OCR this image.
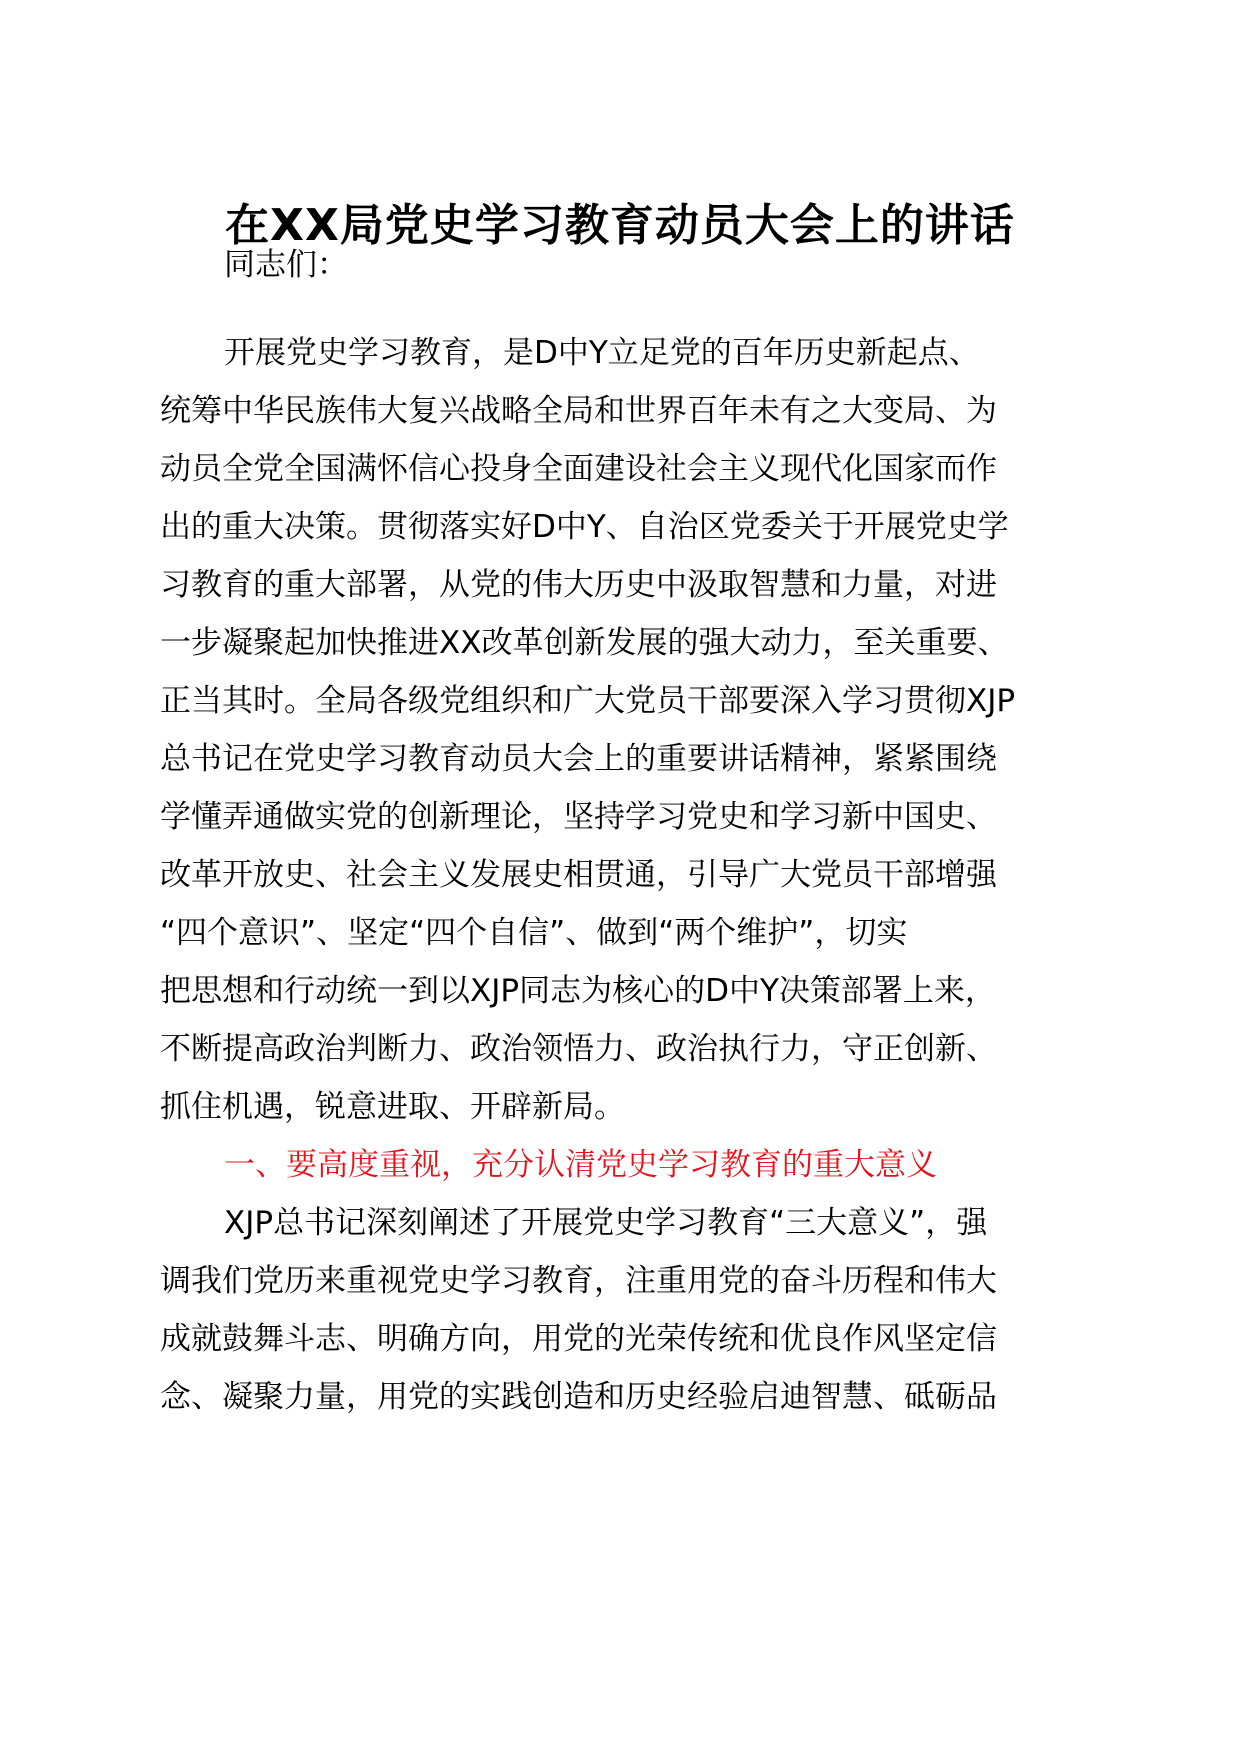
在XX局党史学习教育动员大会上的讲话
同志们：
开展党史学习教育，是D中Y立足党的百年历史新起点、
统筹中华民族伟大复兴战略全局和世界百年未有之大变局、为
动员全党全国满怀信心投身全面建设社会主义现代化国家而作
出的重大决策。贯彻落实好D中Y、自治区党委关于开展党史学
习教育的重大部署，从党的伟大历史中汲取智慧和力量，对进
一步凝聚起加快推进XX改革创新发展的强大动力，至关重要、
正当其时。全局各级党组织和广大党员干部要深入学习贯彻XJP
总书记在党史学习教育动员大会上的重要讲话精神，紧紧围绕
学懂弄通做实党的创新理论，坚持学习党史和学习新中国史、
改革开放史、社会主义发展史相贯通，引导广大党员干部增强
“四个意识”、坚定“四个自信”、做到“两个维护”，切实
把思想和行动统一到以XJP同志为核心的D中Y决策部署上来，
不断提高政治判断力、政治领悟力、政治执行力，守正创新、
抓住机遇，锐意进取、开辟新局。
一、要高度重视，充分认清党史学习教育的重大意义
XJP总书记深刻阐述了开展党史学习教育“三大意义”，强
调我们党历来重视党史学习教育，注重用党的奋斗历程和伟大
成就鼓舞斗志、明确方向，用党的光荣传统和优良作风坚定信
念、凝聚力量，用党的实践创造和历史经验启迪智慧、砥砺品
